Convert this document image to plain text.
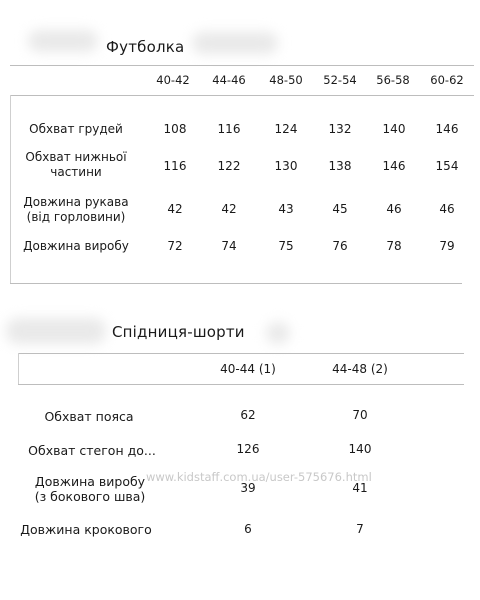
Футболка
40-42	44-46	48-50	52-54	56-58	60-62
Обхват грудей	108	116	124	132	140	146
Обхват нижньої
частини	116	122	130	138	146	154
Довжина рукава
(від горловини)
42	42	43	45	46	46
Довжина виробу	72	74	75	76	78	79
Спідниця-шорти
40-44 (1)	44-48 (2)
Обхват пояса	62	70
Обхват стегон до...	126	140
Довжина виробу
(з бокового шва)
39	41
Довжина крокового	6	7
www.kidstaff.com.ua/user-575676.html
